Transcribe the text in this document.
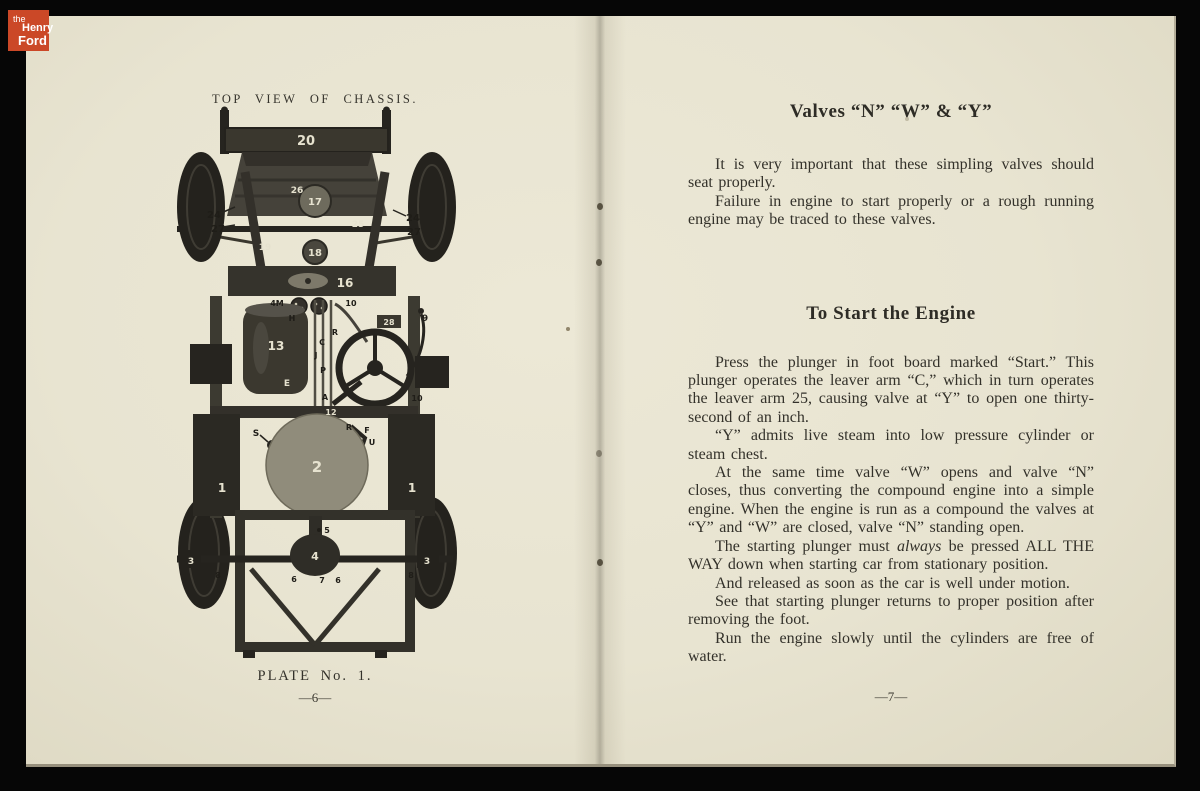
TOP VIEW OF CHASSIS.
20
26
17
24
27
24
27
25
19	18
16
4M	10
H
13
E
R
C
J
P
A
12
28	9
10
S
R F
U
1
2
1
5
4
3	3
8	8
6	7 6
PLATE No. 1.
—6—
Valves “N” “W” & “Y”

It is very important that these simpling valves should seat properly.

Failure in engine to start properly or a rough running engine may be traced to these valves.

To Start the Engine

Press the plunger in foot board marked “Start.” This plunger operates the leaver arm “C,” which in turn operates the leaver arm 25, causing valve at “Y” to open one thirty-second of an inch.

“Y” admits live steam into low pressure cylinder or steam chest.

At the same time valve “W” opens and valve “N” closes, thus converting the compound engine into a simple engine. When the engine is run as a compound the valves at “Y” and “W” are closed, valve “N” standing open.

The starting plunger must always be pressed ALL THE WAY down when starting car from stationary position.

And released as soon as the car is well under motion.

See that starting plunger returns to proper position after removing the foot.

Run the engine slowly until the cylinders are free of water.

—7—
the
Henry
Ford
